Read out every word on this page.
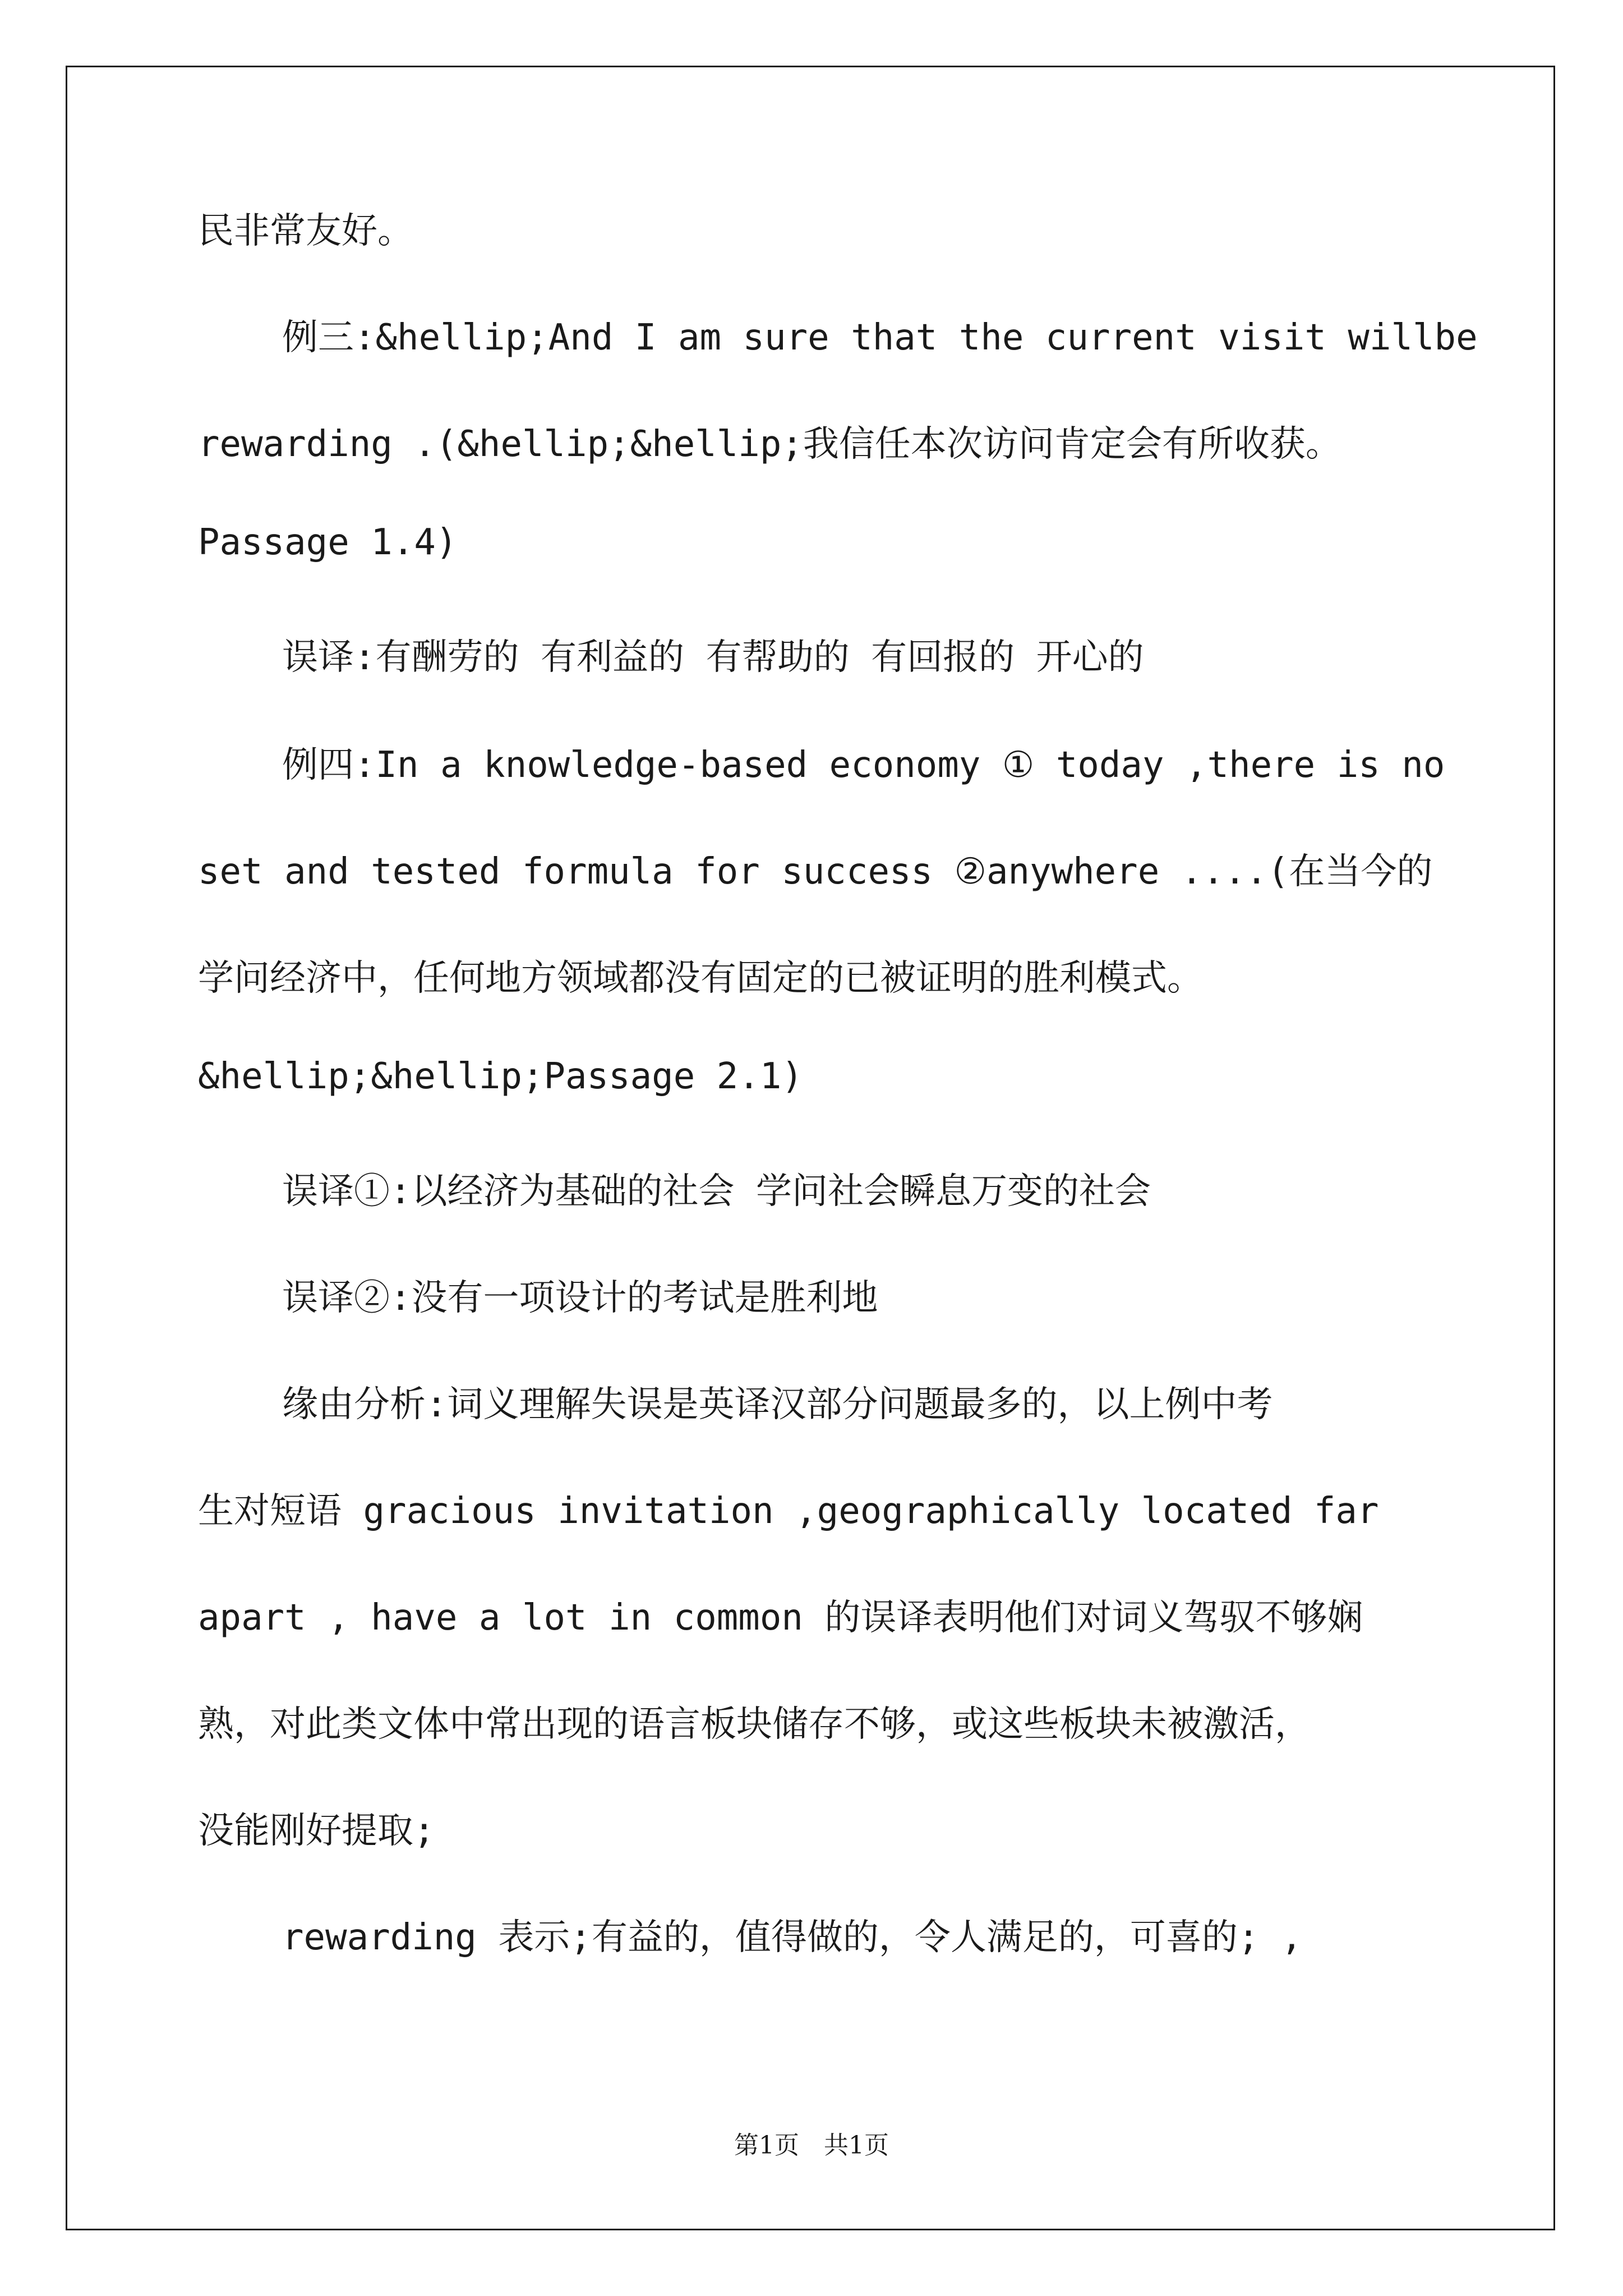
民非常友好。
例三:&hellip;And I am sure that the current visit willbe
rewarding .(&hellip;&hellip;我信任本次访问肯定会有所收获。
Passage 1.4)
误译:有酬劳的 有利益的 有帮助的 有回报的 开心的
例四:In a knowledge-based economy ① today ,there is no
set and tested formula for success ②anywhere ....(在当今的
学问经济中，任何地方领域都没有固定的已被证明的胜利模式。
&hellip;&hellip;Passage 2.1)
误译①:以经济为基础的社会 学问社会瞬息万变的社会
误译②:没有一项设计的考试是胜利地
缘由分析:词义理解失误是英译汉部分问题最多的，以上例中考
生对短语 gracious invitation ,geographically located far
apart , have a lot in common 的误译表明他们对词义驾驭不够娴
熟，对此类文体中常出现的语言板块储存不够，或这些板块未被激活，
没能刚好提取;
rewarding 表示;有益的，值得做的，令人满足的，可喜的; ,
第1页　共1页
